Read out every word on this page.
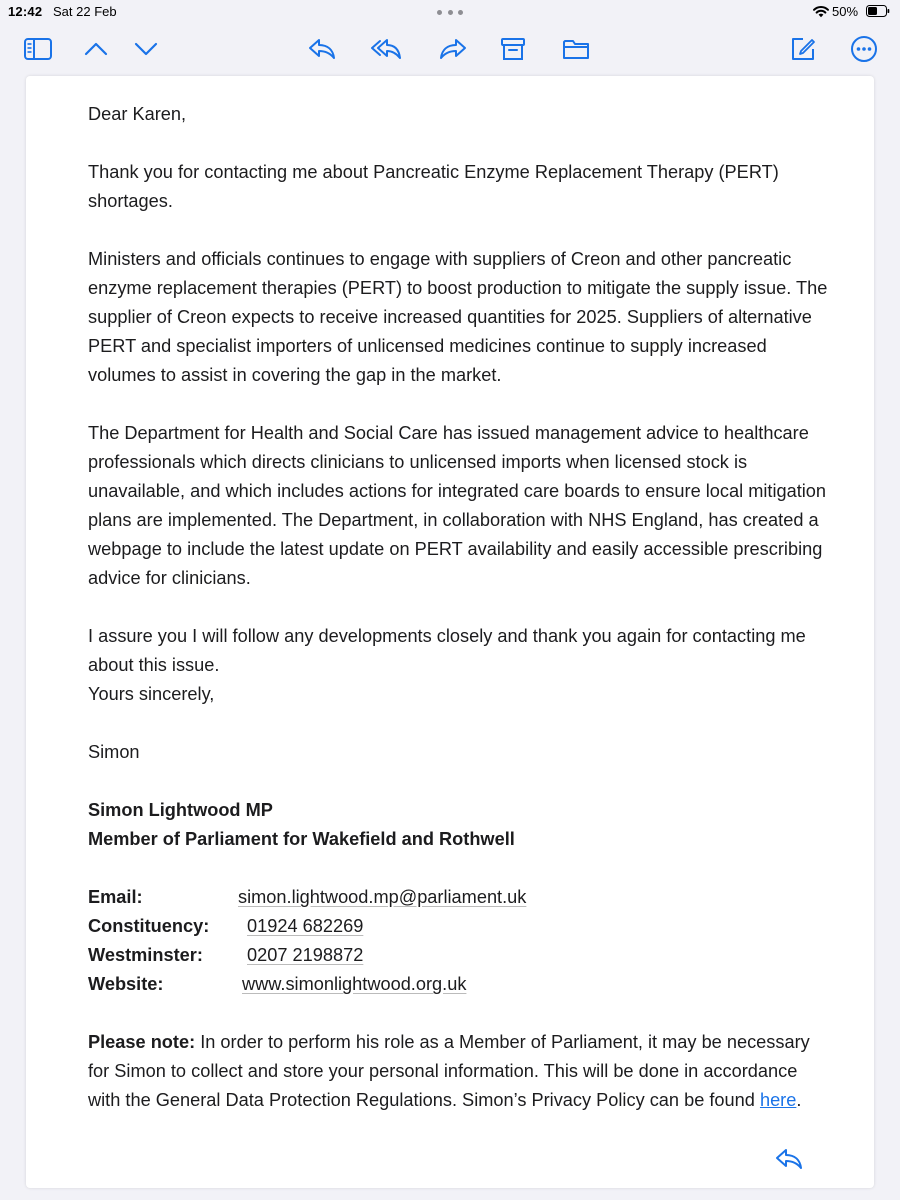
12:42 Sat 22 Feb	50%

Dear Karen,

Thank you for contacting me about Pancreatic Enzyme Replacement Therapy (PERT) shortages.

Ministers and officials continues to engage with suppliers of Creon and other pancreatic enzyme replacement therapies (PERT) to boost production to mitigate the supply issue. The supplier of Creon expects to receive increased quantities for 2025. Suppliers of alternative PERT and specialist importers of unlicensed medicines continue to supply increased volumes to assist in covering the gap in the market.

The Department for Health and Social Care has issued management advice to healthcare professionals which directs clinicians to unlicensed imports when licensed stock is unavailable, and which includes actions for integrated care boards to ensure local mitigation plans are implemented. The Department, in collaboration with NHS England, has created a webpage to include the latest update on PERT availability and easily accessible prescribing advice for clinicians.

I assure you I will follow any developments closely and thank you again for contacting me about this issue.

Yours sincerely,

Simon

Simon Lightwood MP

Member of Parliament for Wakefield and Rothwell

Email:	simon.lightwood.mp@parliament.uk
Constituency:	01924 682269
Westminster:	0207 2198872
Website:	www.simonlightwood.org.uk

Please note: In order to perform his role as a Member of Parliament, it may be necessary for Simon to collect and store your personal information. This will be done in accordance with the General Data Protection Regulations. Simon’s Privacy Policy can be found here.
